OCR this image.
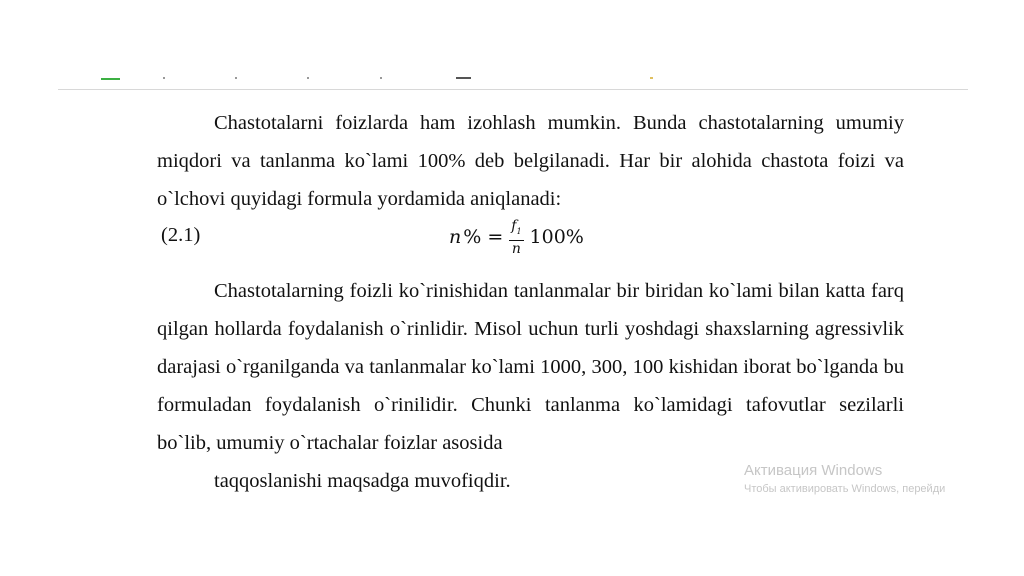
Chastotalarni foizlarda ham izohlash mumkin. Bunda chastotalarning umumiy miqdori va tanlanma ko`lami 100% deb belgilanadi. Har bir alohida chastota foizi va o`lchovi quyidagi formula yordamida aniqlanadi:

(2.1)	n % = $\frac{f_1}{n} 100\%$

Chastotalarning foizli ko`rinishidan tanlanmalar bir biridan ko`lami bilan katta farq qilgan hollarda foydalanish o`rinlidir. Misol uchun turli yoshdagi shaxslarning agressivlik darajasi o`rganilganda va tanlanmalar ko`lami 1000, 300, 100 kishidan iborat bo`lganda bu formuladan foydalanish o`rinilidir. Chunki tanlanma ko`lamidagi tafovutlar sezilarli bo`lib, umumiy o`rtachalar foizlar asosida
taqqoslanishi maqsadga muvofiqdir.	Активация Windows
Чтобы активировать Windows, перейди
